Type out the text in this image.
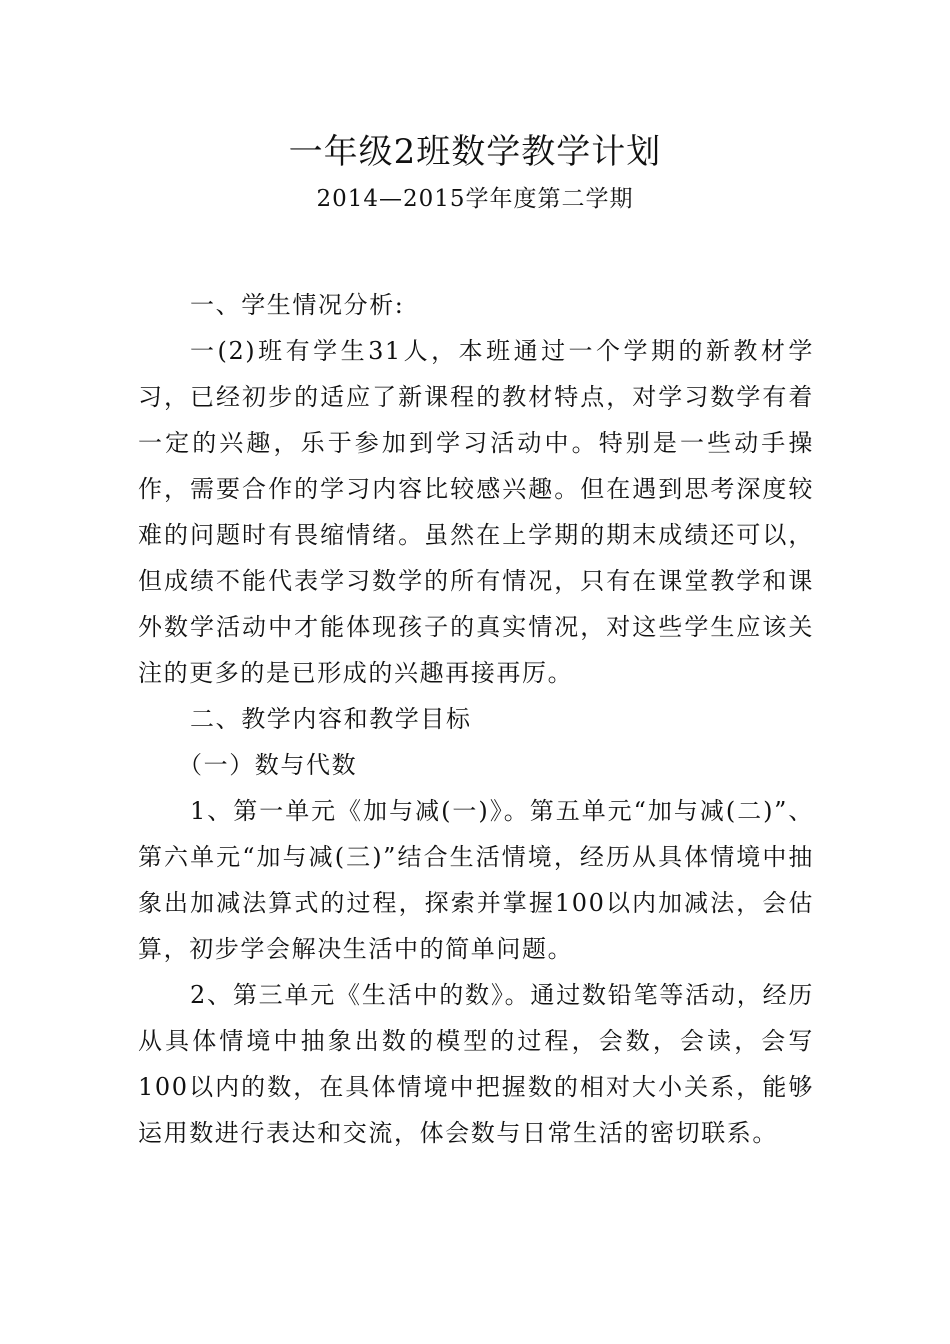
一年级2班数学教学计划
2014—2015学年度第二学期

一、学生情况分析:

一(2)班有学生31人，本班通过一个学期的新教材学习，已经初步的适应了新课程的教材特点，对学习数学有着一定的兴趣，乐于参加到学习活动中。特别是一些动手操作，需要合作的学习内容比较感兴趣。但在遇到思考深度较难的问题时有畏缩情绪。虽然在上学期的期末成绩还可以，但成绩不能代表学习数学的所有情况，只有在课堂教学和课外数学活动中才能体现孩子的真实情况，对这些学生应该关注的更多的是已形成的兴趣再接再厉。

二、教学内容和教学目标

（一）数与代数

1、第一单元《加与减(一)》。第五单元“加与减(二)”、第六单元“加与减(三)”结合生活情境，经历从具体情境中抽象出加减法算式的过程，探索并掌握100以内加减法，会估算，初步学会解决生活中的简单问题。

2、第三单元《生活中的数》。通过数铅笔等活动，经历从具体情境中抽象出数的模型的过程，会数，会读，会写100以内的数，在具体情境中把握数的相对大小关系，能够运用数进行表达和交流，体会数与日常生活的密切联系。
